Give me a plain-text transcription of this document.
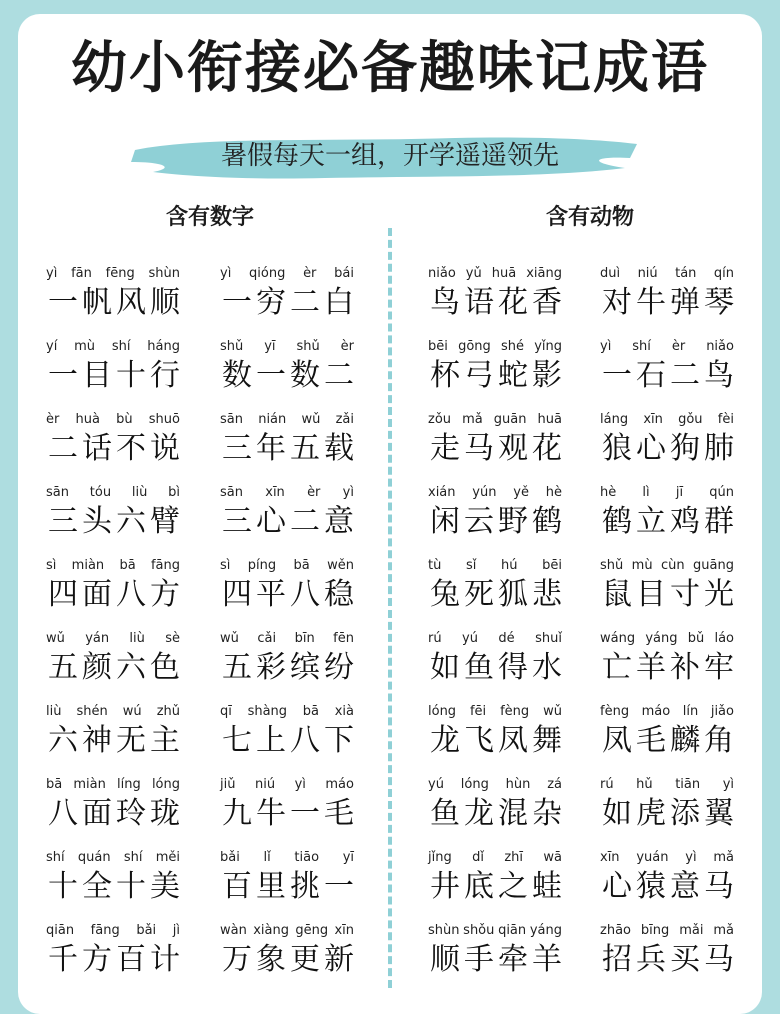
幼小衔接必备趣味记成语
暑假每天一组，开学遥遥领先
含有数字	含有动物
yì fān fēng shùn
一 帆 风 顺
yì qióng èr bái
一 穷 二 白
yí mù shí háng
一 目 十 行
shǔ yī shǔ èr
数 一 数 二
èr huà bù shuō
二 话 不 说
sān nián wǔ zǎi
三 年 五 载
sān tóu liù bì
三 头 六 臂
sān xīn èr yì
三 心 二 意
sì miàn bā fāng
四 面 八 方
sì píng bā wěn
四 平 八 稳
wǔ yán liù sè
五 颜 六 色
wǔ cǎi bīn fēn
五 彩 缤 纷
liù shén wú zhǔ
六 神 无 主
qī shàng bā xià
七 上 八 下
bā miàn líng lóng
八 面 玲 珑
jiǔ niú yì máo
九 牛 一 毛
shí quán shí měi
十 全 十 美
bǎi lǐ tiāo yī
百 里 挑 一
qiān fāng bǎi jì
千 方 百 计
wàn xiàng gēng xīn
万 象 更 新
niǎo yǔ huā xiāng
鸟 语 花 香
duì niú tán qín
对 牛 弹 琴
bēi gōng shé yǐng
杯 弓 蛇 影
yì shí èr niǎo
一 石 二 鸟
zǒu mǎ guān huā
走 马 观 花
láng xīn gǒu fèi
狼 心 狗 肺
xián yún yě hè
闲 云 野 鹤
hè lì jī qún
鹤 立 鸡 群
tù sǐ hú bēi
兔 死 狐 悲
shǔ mù cùn guāng
鼠 目 寸 光
rú yú dé shuǐ
如 鱼 得 水
wáng yáng bǔ láo
亡 羊 补 牢
lóng fēi fèng wǔ
龙 飞 凤 舞
fèng máo lín jiǎo
凤 毛 麟 角
yú lóng hùn zá
鱼 龙 混 杂
rú hǔ tiān yì
如 虎 添 翼
jǐng dǐ zhī wā
井 底 之 蛙
xīn yuán yì mǎ
心 猿 意 马
shùn shǒu qiān yáng
顺 手 牵 羊
zhāo bīng mǎi mǎ
招 兵 买 马
